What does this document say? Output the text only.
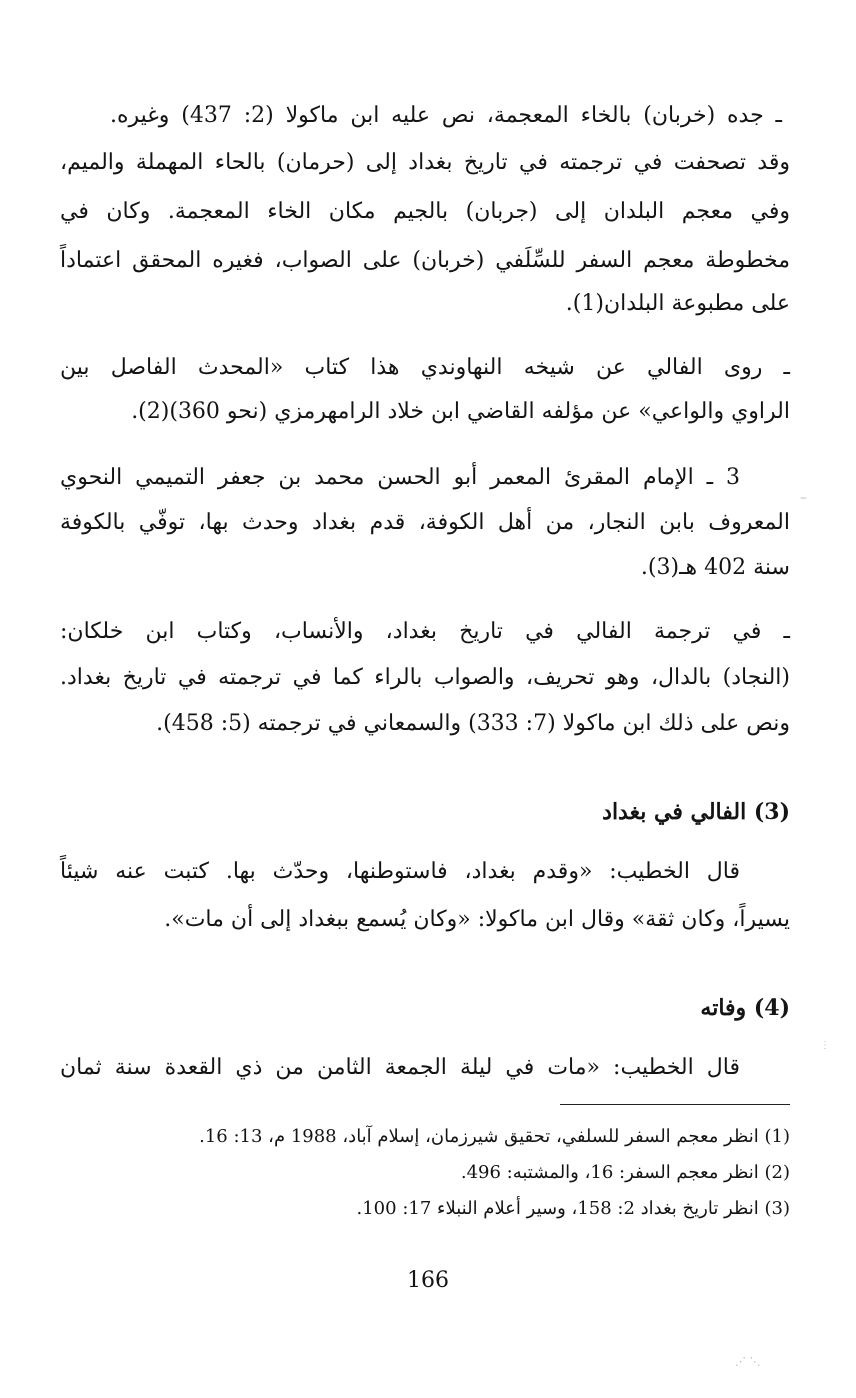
ـ جده (خربان) بالخاء المعجمة، نص عليه ابن ماكولا (2: 437) وغيره.
وقد تصحفت في ترجمته في تاريخ بغداد إلى (حرمان) بالحاء المهملة والميم،
وفي معجم البلدان إلى (جربان) بالجيم مكان الخاء المعجمة. وكان في
مخطوطة معجم السفر للسِّلَفي (خربان) على الصواب، فغيره المحقق اعتماداً
على مطبوعة البلدان(1).
ـ روى الفالي عن شيخه النهاوندي هذا كتاب «المحدث الفاصل بين
الراوي والواعي» عن مؤلفه القاضي ابن خلاد الرامهرمزي (نحو 360)(2).
3 ـ الإمام المقرئ المعمر أبو الحسن محمد بن جعفر التميمي النحوي
المعروف بابن النجار، من أهل الكوفة، قدم بغداد وحدث بها، توفّي بالكوفة
سنة 402 هـ(3).
ـ في ترجمة الفالي في تاريخ بغداد، والأنساب، وكتاب ابن خلكان:
(النجاد) بالدال، وهو تحريف، والصواب بالراء كما في ترجمته في تاريخ بغداد.
ونص على ذلك ابن ماكولا (7: 333) والسمعاني في ترجمته (5: 458).
(3) الفالي في بغداد
قال الخطيب: «وقدم بغداد، فاستوطنها، وحدّث بها. كتبت عنه شيئاً
يسيراً، وكان ثقة» وقال ابن ماكولا: «وكان يُسمع ببغداد إلى أن مات».
(4) وفاته
قال الخطيب: «مات في ليلة الجمعة الثامن من ذي القعدة سنة ثمان
(1) انظر معجم السفر للسلفي، تحقيق شيرزمان، إسلام آباد، 1988 م، 13: 16.
(2) انظر معجم السفر: 16، والمشتبه: 496.
(3) انظر تاريخ بغداد 2: 158، وسير أعلام النبلاء 17: 100.
166
–
⋮
⋰ ⋱
